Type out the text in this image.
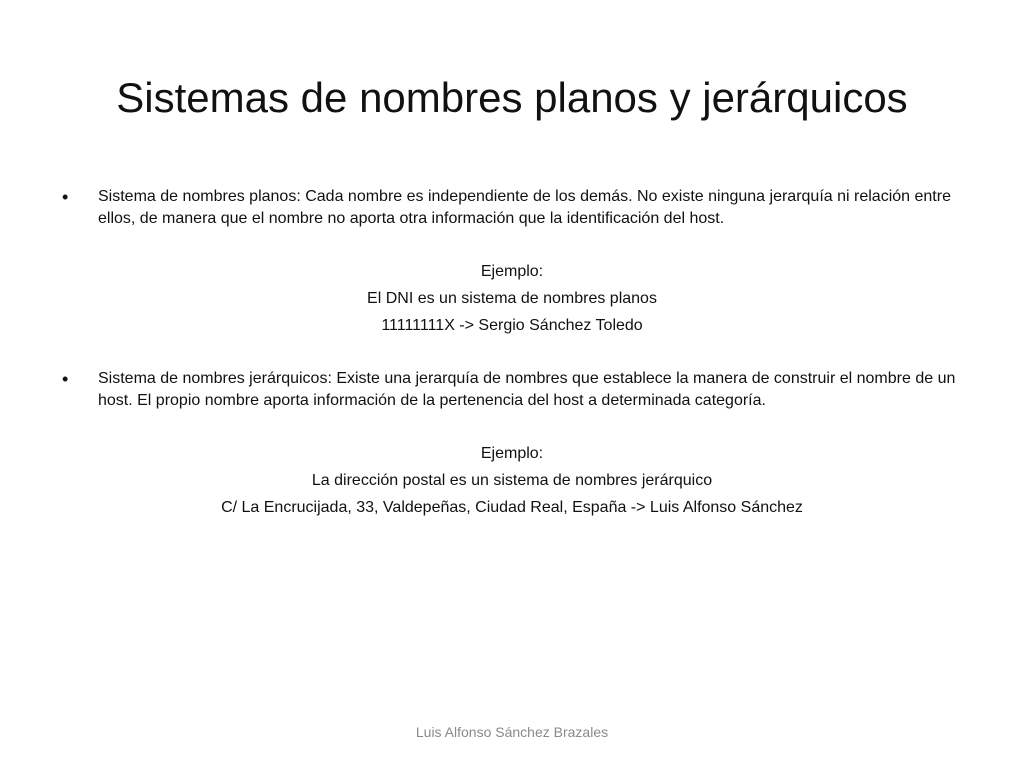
Sistemas de nombres planos y jerárquicos
•	Sistema de nombres planos: Cada nombre es independiente de los demás. No existe ninguna jerarquía ni relación entre ellos, de manera que el nombre no aporta otra información que la identificación del host.
Ejemplo:
El DNI es un sistema de nombres planos
11111111X -> Sergio Sánchez Toledo
•	Sistema de nombres jerárquicos: Existe una jerarquía de nombres que establece la manera de construir el nombre de un host. El propio nombre aporta información de la pertenencia del host a determinada categoría.
Ejemplo:
La dirección postal es un sistema de nombres jerárquico
C/ La Encrucijada, 33, Valdepeñas, Ciudad Real, España -> Luis Alfonso Sánchez
Luis Alfonso Sánchez Brazales
